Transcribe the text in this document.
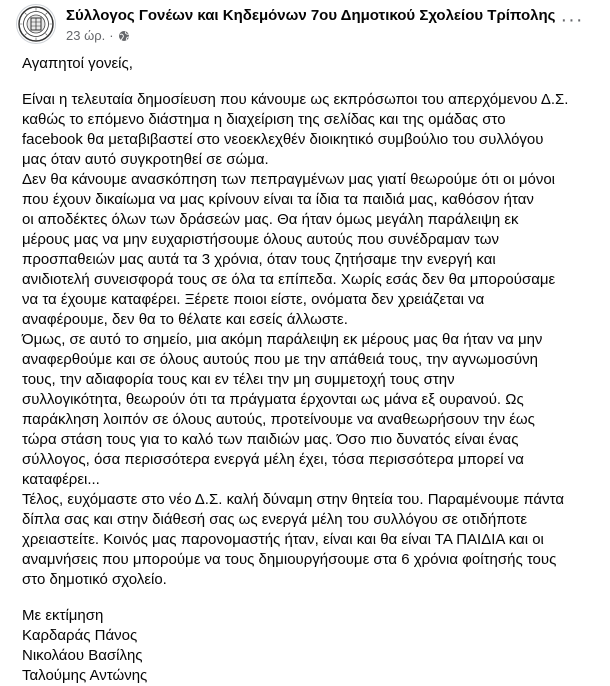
Σύλλογος Γονέων και Κηδεμόνων 7ου Δημοτικού Σχολείου Τρίπολης
23 ώρ. ·
···

Αγαπητοί γονείς,

Είναι η τελευταία δημοσίευση που κάνουμε ως εκπρόσωποι του απερχόμενου Δ.Σ.

καθώς το επόμενο διάστημα η διαχείριση της σελίδας και της ομάδας στο

facebook θα μεταβιβαστεί στο νεοεκλεχθέν διοικητικό συμβούλιο του συλλόγου

μας όταν αυτό συγκροτηθεί σε σώμα.

Δεν θα κάνουμε ανασκόπηση των πεπραγμένων μας γιατί θεωρούμε ότι οι μόνοι

που έχουν δικαίωμα να μας κρίνουν είναι τα ίδια τα παιδιά μας, καθόσον ήταν

οι αποδέκτες όλων των δράσεών μας. Θα ήταν όμως μεγάλη παράλειψη εκ

μέρους μας να μην ευχαριστήσουμε όλους αυτούς που συνέδραμαν των

προσπαθειών μας αυτά τα 3 χρόνια, όταν τους ζητήσαμε την ενεργή και

ανιδιοτελή συνεισφορά τους σε όλα τα επίπεδα. Χωρίς εσάς δεν θα μπορούσαμε

να τα έχουμε καταφέρει. Ξέρετε ποιοι είστε, ονόματα δεν χρειάζεται να

αναφέρουμε, δεν θα το θέλατε και εσείς άλλωστε.

Όμως, σε αυτό το σημείο, μια ακόμη παράλειψη εκ μέρους μας θα ήταν να μην

αναφερθούμε και σε όλους αυτούς που με την απάθειά τους, την αγνωμοσύνη

τους, την αδιαφορία τους και εν τέλει την μη συμμετοχή τους στην

συλλογικότητα, θεωρούν ότι τα πράγματα έρχονται ως μάνα εξ ουρανού. Ως

παράκληση λοιπόν σε όλους αυτούς, προτείνουμε να αναθεωρήσουν την έως

τώρα στάση τους για το καλό των παιδιών μας. Όσο πιο δυνατός είναι ένας

σύλλογος, όσα περισσότερα ενεργά μέλη έχει, τόσα περισσότερα μπορεί να

καταφέρει...

Τέλος, ευχόμαστε στο νέο Δ.Σ. καλή δύναμη στην θητεία του. Παραμένουμε πάντα

δίπλα σας και στην διάθεσή σας ως ενεργά μέλη του συλλόγου σε οτιδήποτε

χρειαστείτε. Κοινός μας παρονομαστής ήταν, είναι και θα είναι ΤΑ ΠΑΙΔΙΑ και οι

αναμνήσεις που μπορούμε να τους δημιουργήσουμε στα 6 χρόνια φοίτησής τους

στο δημοτικό σχολείο.

Με εκτίμηση

Καρδαράς Πάνος

Νικολάου Βασίλης

Ταλούμης Αντώνης
